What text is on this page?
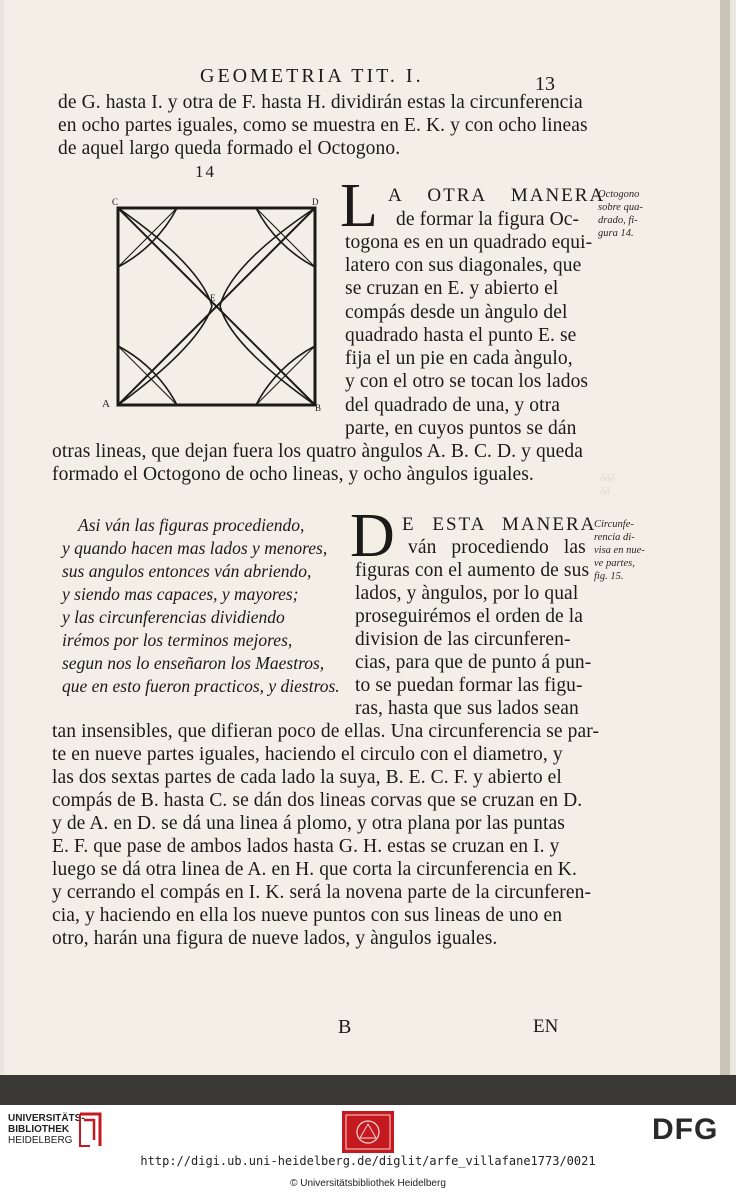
ᵹᵹᵹ
ᵹᵹ
GEOMETRIA TIT. I.	13
de G. hasta I. y otra de F. hasta H. dividirán estas la circunferencia
en ocho partes iguales, como se muestra en E. K. y con ocho lineas
de aquel largo queda formado el Octogono.
14
C	D
E
A	B
L A OTRA MANERA
de formar la figura Oc-
togona es en un quadrado equi-
latero con sus diagonales, que
se cruzan en E. y abierto el
compás desde un àngulo del
quadrado hasta el punto E. se
fija el un pie en cada àngulo,
y con el otro se tocan los lados
del quadrado de una, y otra
parte, en cuyos puntos se dán
otras lineas, que dejan fuera los quatro àngulos A. B. C. D. y queda
formado el Octogono de ocho lineas, y ocho àngulos iguales.
Octogono
sobre qua-
drado, fi-
gura 14.
Asi ván las figuras procediendo,
y quando hacen mas lados y menores,
sus angulos entonces ván abriendo,
y siendo mas capaces, y mayores;
y las circunferencias dividiendo
irémos por los terminos mejores,
segun nos lo enseñaron los Maestros,
que en esto fueron practicos, y diestros.
D E ESTA MANERA
ván procediendo las
figuras con el aumento de sus
lados, y àngulos, por lo qual
proseguirémos el orden de la
division de las circunferen-
cias, para que de punto á pun-
to se puedan formar las figu-
ras, hasta que sus lados sean
tan insensibles, que difieran poco de ellas. Una circunferencia se par-
te en nueve partes iguales, haciendo el circulo con el diametro, y
las dos sextas partes de cada lado la suya, B. E. C. F. y abierto el
compás de B. hasta C. se dán dos lineas corvas que se cruzan en D.
y de A. en D. se dá una linea á plomo, y otra plana por las puntas
E. F. que pase de ambos lados hasta G. H. estas se cruzan en I. y
luego se dá otra linea de A. en H. que corta la circunferencia en K.
y cerrando el compás en I. K. será la novena parte de la circunferen-
cia, y haciendo en ella los nueve puntos con sus lineas de uno en
otro, harán una figura de nueve lados, y àngulos iguales.
Circunfe-
rencia di-
visa en nue-
ve partes,
fig. 15.
B	EN
UNIVERSITÄTS-
BIBLIOTHEK
HEIDELBERG	DFG
http://digi.ub.uni-heidelberg.de/diglit/arfe_villafane1773/0021
© Universitätsbibliothek Heidelberg
